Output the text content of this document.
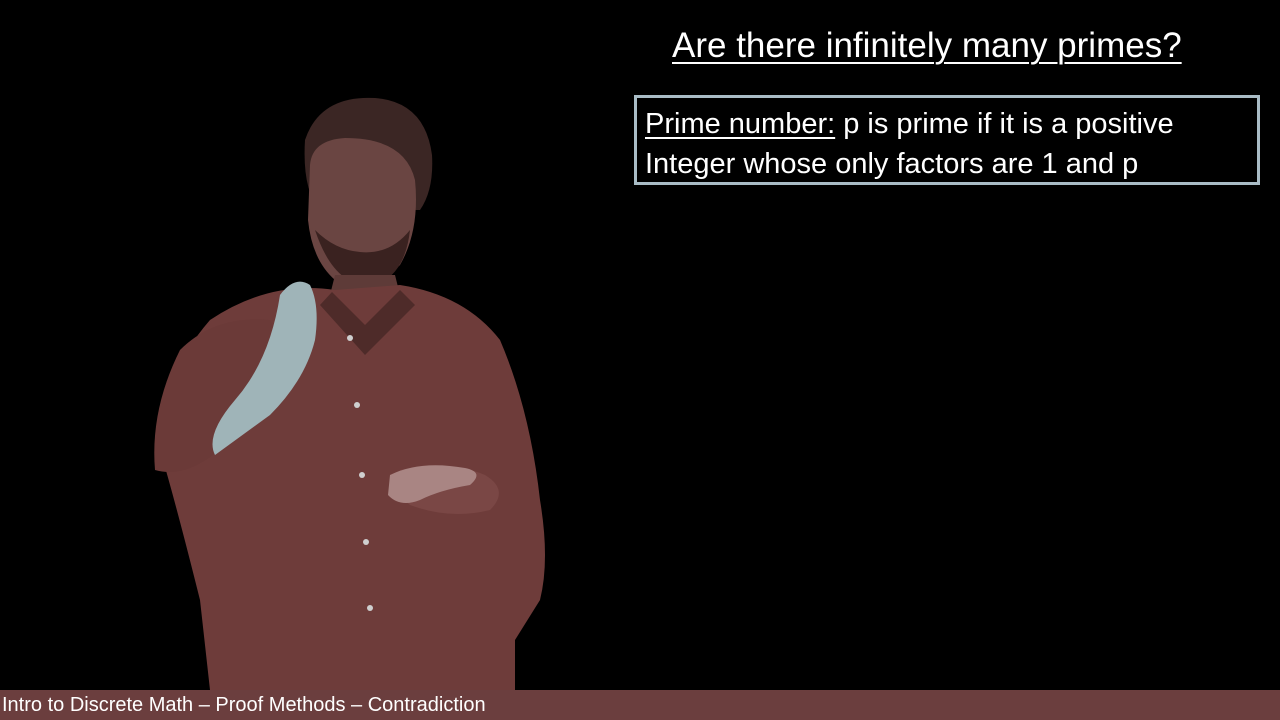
Are there infinitely many primes?
Prime number: p is prime if it is a positive
Integer whose only factors are 1 and p
Intro to Discrete Math – Proof Methods – Contradiction
